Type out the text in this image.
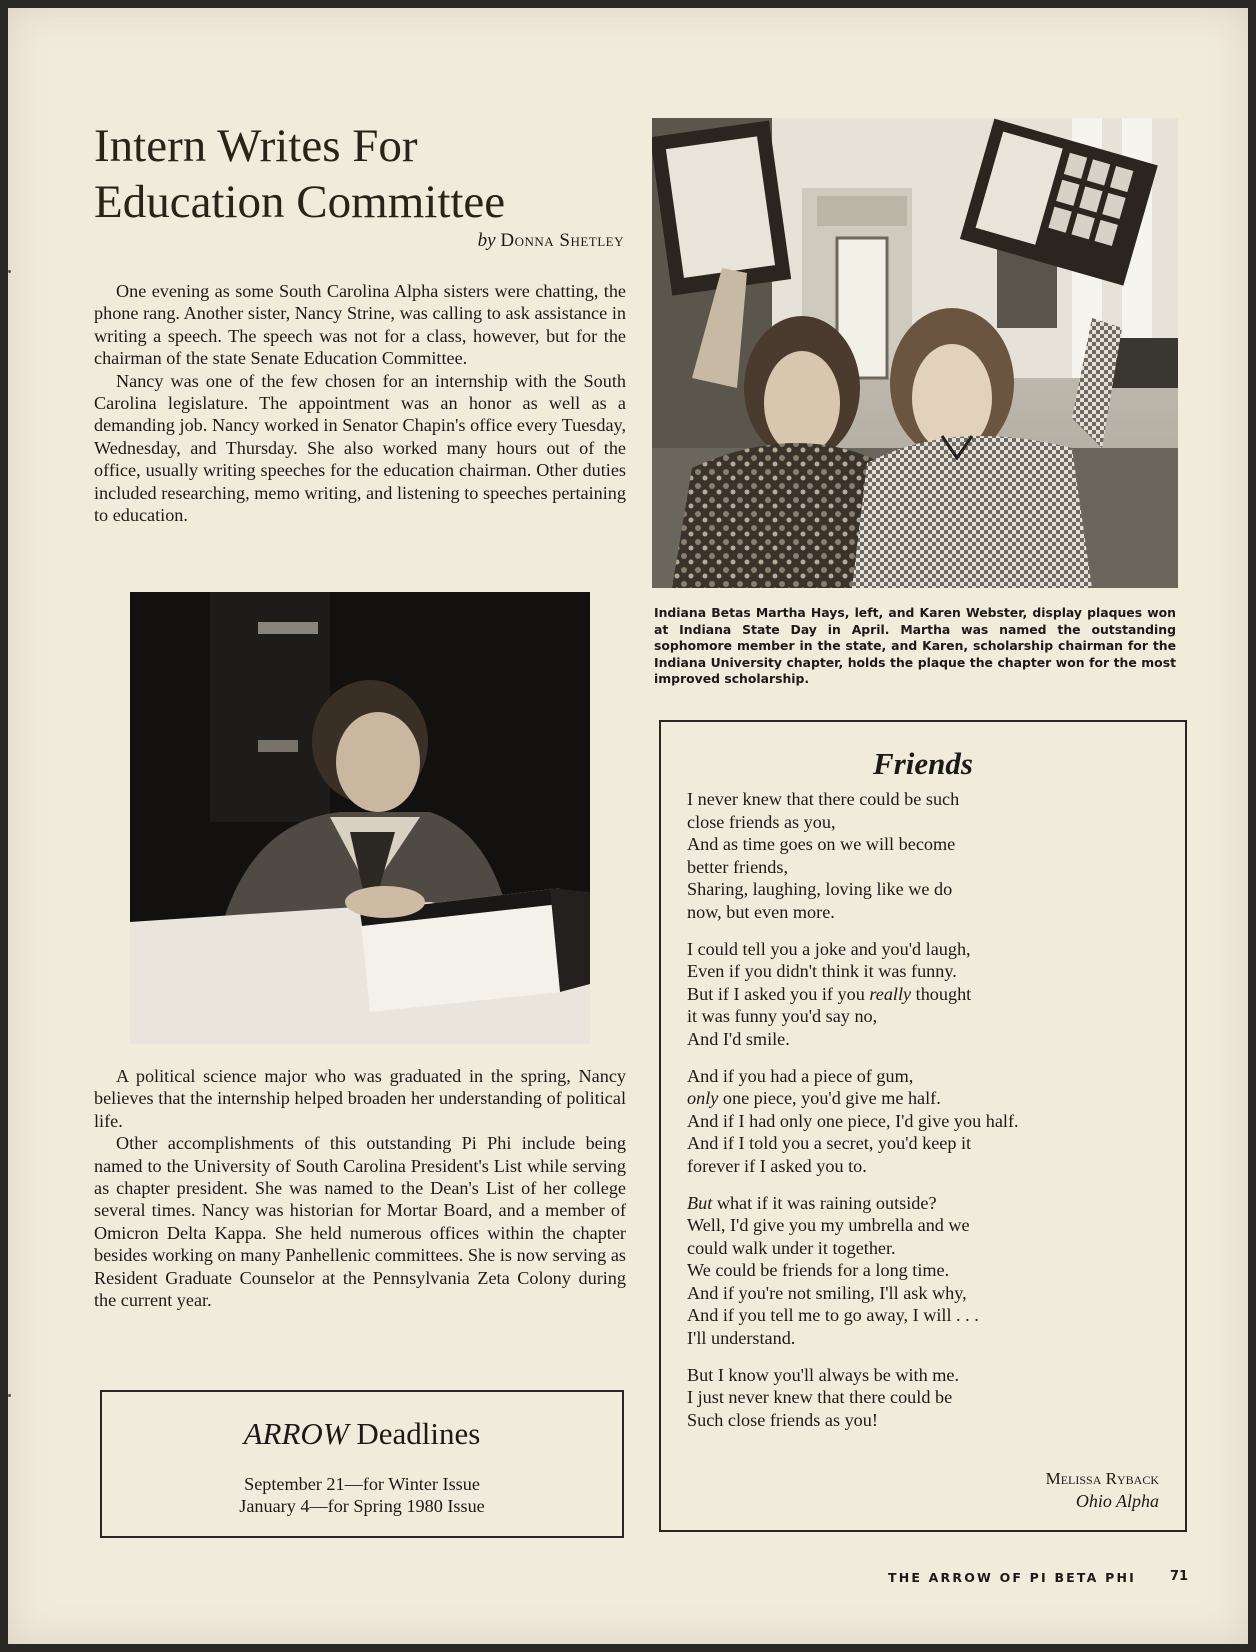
Intern Writes For
Education Committee
by Donna Shetley

One evening as some South Carolina Alpha sisters were chatting, the phone rang. Another sister, Nancy Strine, was calling to ask assistance in writing a speech. The speech was not for a class, however, but for the chairman of the state Senate Education Committee.

Nancy was one of the few chosen for an internship with the South Carolina legislature. The appointment was an honor as well as a demanding job. Nancy worked in Senator Chapin's office every Tuesday, Wednesday, and Thursday. She also worked many hours out of the office, usually writing speeches for the education chairman. Other duties included researching, memo writing, and listening to speeches pertaining to education.

Indiana Betas Martha Hays, left, and Karen Webster, display plaques won at Indiana State Day in April. Martha was named the outstanding sophomore member in the state, and Karen, scholarship chairman for the Indiana University chapter, holds the plaque the chapter won for the most improved scholarship.

A political science major who was graduated in the spring, Nancy believes that the internship helped broaden her understanding of political life.

Other accomplishments of this outstanding Pi Phi include being named to the University of South Carolina President's List while serving as chapter president. She was named to the Dean's List of her college several times. Nancy was historian for Mortar Board, and a member of Omicron Delta Kappa. She held numerous offices within the chapter besides working on many Panhellenic committees. She is now serving as Resident Graduate Counselor at the Pennsylvania Zeta Colony during the current year.

Friends
I never knew that there could be such
close friends as you,
And as time goes on we will become
better friends,
Sharing, laughing, loving like we do
now, but even more.
I could tell you a joke and you'd laugh,
Even if you didn't think it was funny.
But if I asked you if you really thought
it was funny you'd say no,
And I'd smile.
And if you had a piece of gum,
only one piece, you'd give me half.
And if I had only one piece, I'd give you half.
And if I told you a secret, you'd keep it
forever if I asked you to.
But what if it was raining outside?
Well, I'd give you my umbrella and we
could walk under it together.
We could be friends for a long time.
And if you're not smiling, I'll ask why,
And if you tell me to go away, I will . . .
I'll understand.
But I know you'll always be with me.
I just never knew that there could be
Such close friends as you!
Melissa Ryback
Ohio Alpha
ARROW Deadlines
September 21—for Winter Issue
January 4—for Spring 1980 Issue
THE ARROW OF PI BETA PHI	71
